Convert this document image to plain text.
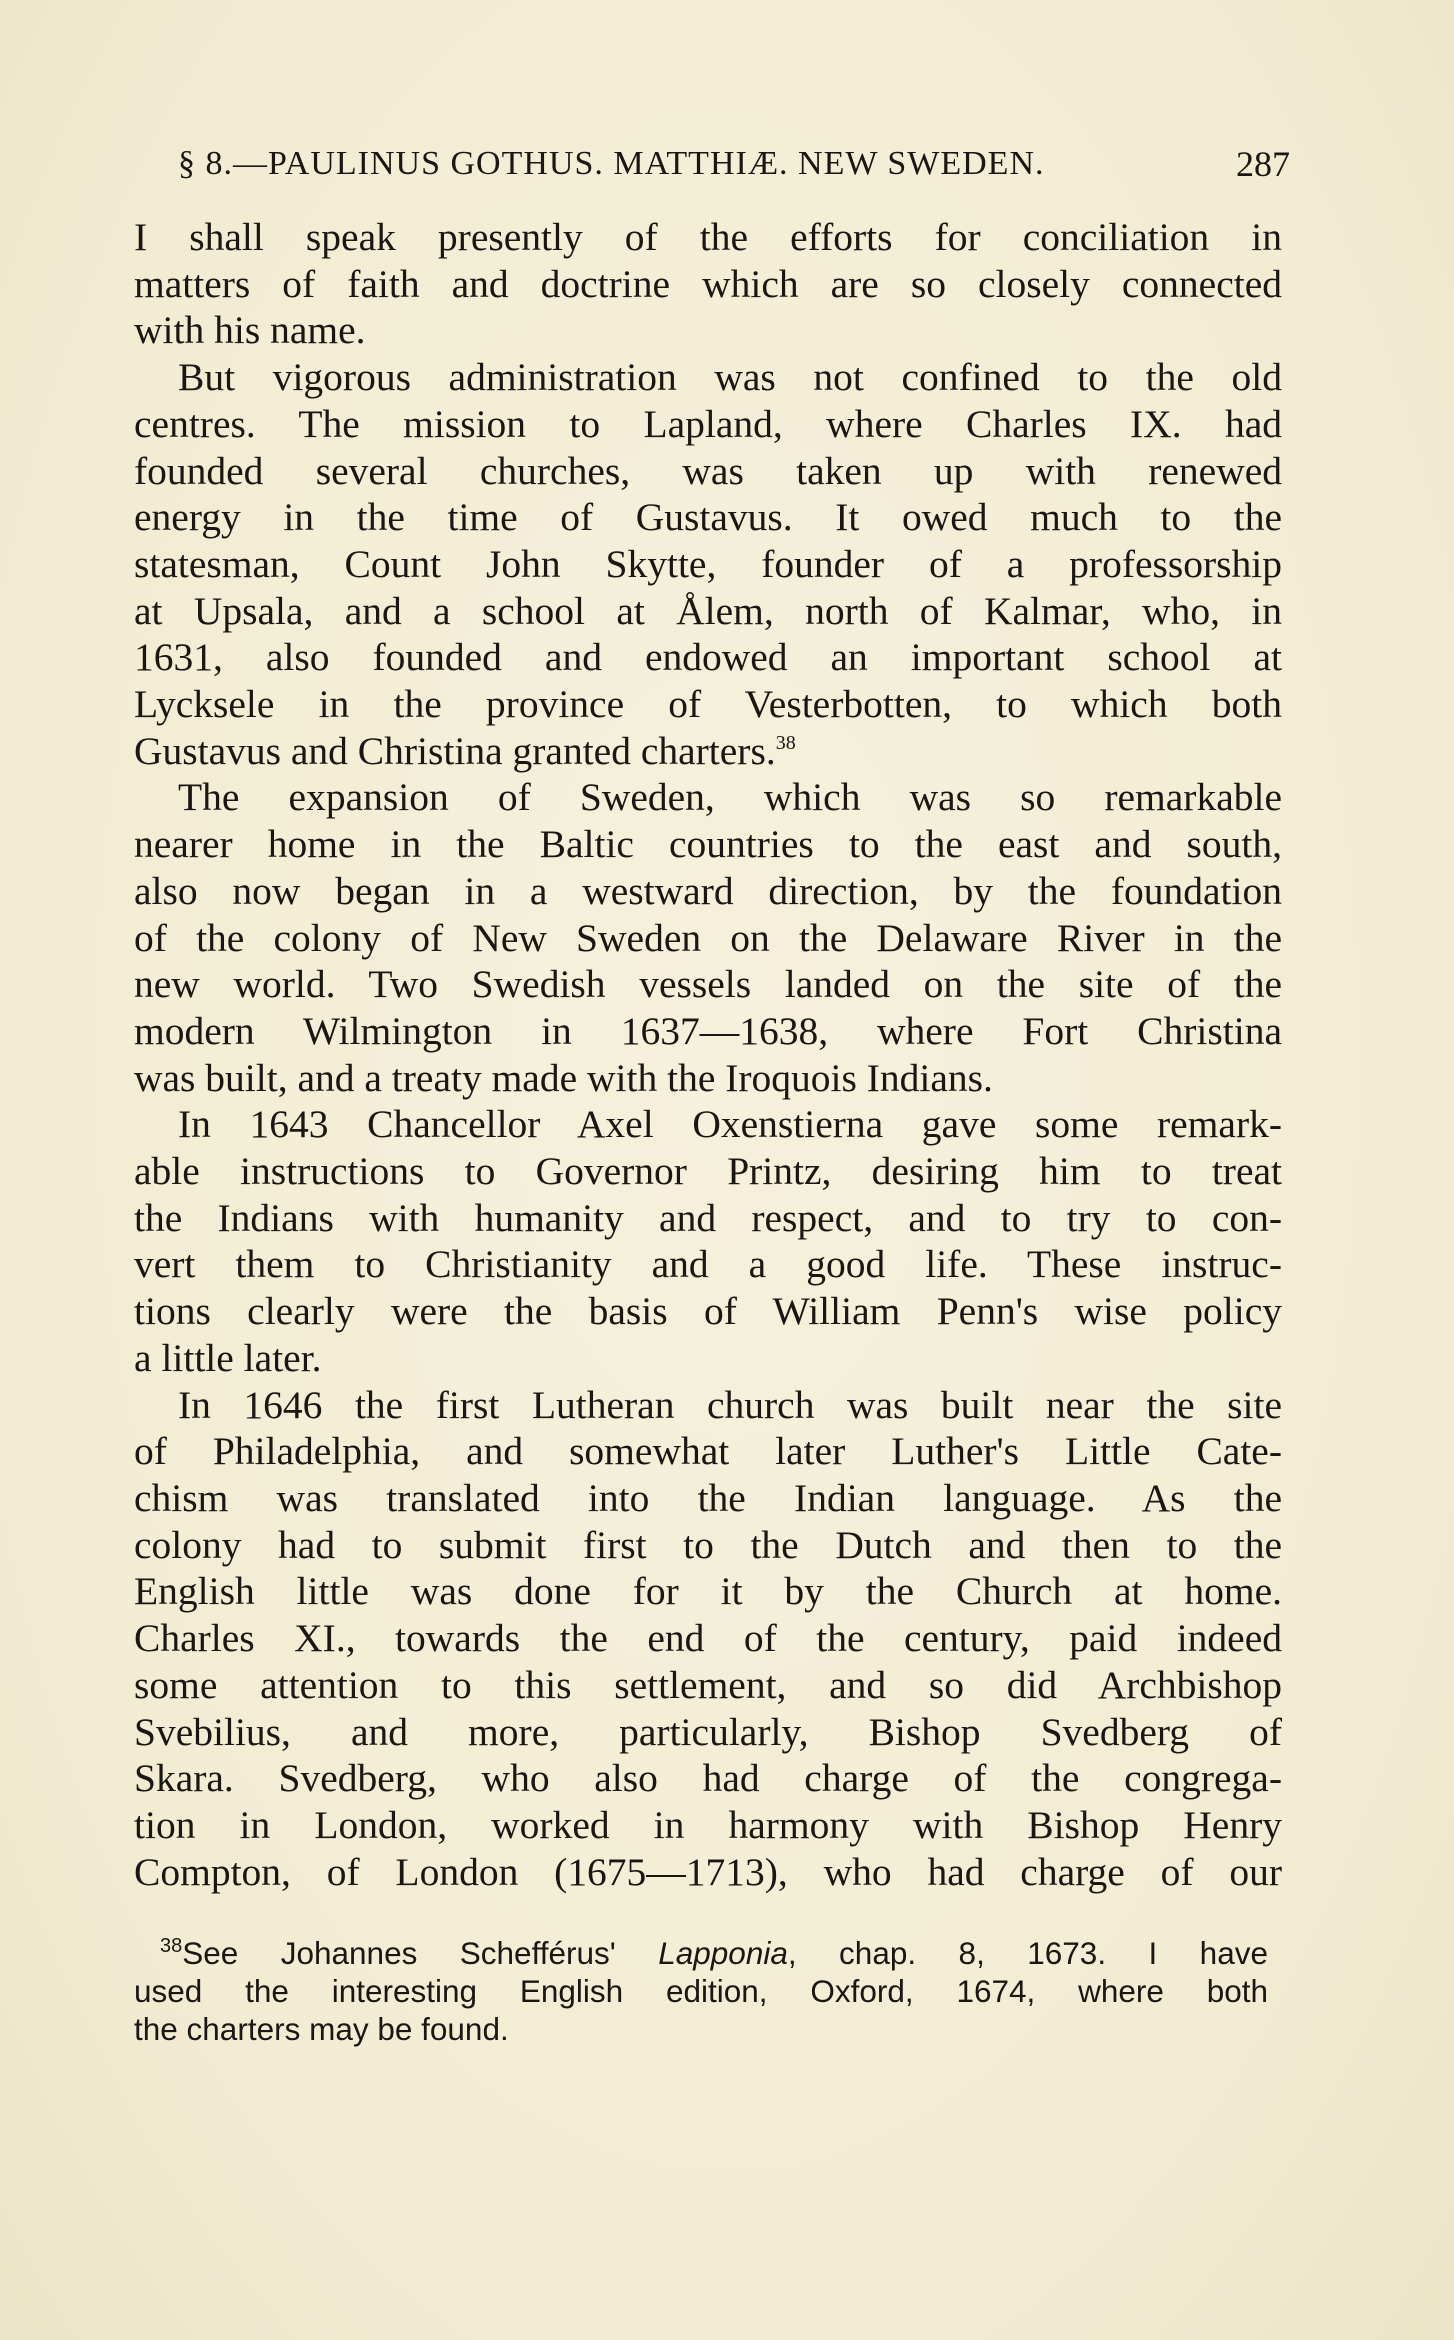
§ 8.—PAULINUS GOTHUS. MATTHIÆ. NEW SWEDEN.	287

I shall speak presently of the efforts for conciliation in
matters of faith and doctrine which are so closely connected
with his name.

But vigorous administration was not confined to the old
centres. The mission to Lapland, where Charles IX. had
founded several churches, was taken up with renewed
energy in the time of Gustavus. It owed much to the
statesman, Count John Skytte, founder of a professorship
at Upsala, and a school at Ålem, north of Kalmar, who, in
1631, also founded and endowed an important school at
Lycksele in the province of Vesterbotten, to which both
Gustavus and Christina granted charters.$^{38}$

The expansion of Sweden, which was so remarkable
nearer home in the Baltic countries to the east and south,
also now began in a westward direction, by the foundation
of the colony of New Sweden on the Delaware River in the
new world. Two Swedish vessels landed on the site of the
modern Wilmington in 1637—1638, where Fort Christina
was built, and a treaty made with the Iroquois Indians.

In 1643 Chancellor Axel Oxenstierna gave some remark-
able instructions to Governor Printz, desiring him to treat
the Indians with humanity and respect, and to try to con-
vert them to Christianity and a good life. These instruc-
tions clearly were the basis of William Penn's wise policy
a little later.

In 1646 the first Lutheran church was built near the site
of Philadelphia, and somewhat later Luther's Little Cate-
chism was translated into the Indian language. As the
colony had to submit first to the Dutch and then to the
English little was done for it by the Church at home.
Charles XI., towards the end of the century, paid indeed
some attention to this settlement, and so did Archbishop
Svebilius, and more, particularly, Bishop Svedberg of
Skara. Svedberg, who also had charge of the congrega-
tion in London, worked in harmony with Bishop Henry
Compton, of London (1675—1713), who had charge of our

$^{38}$See Johannes Schefférus' Lapponia, chap. 8, 1673. I have
used the interesting English edition, Oxford, 1674, where both
the charters may be found.
